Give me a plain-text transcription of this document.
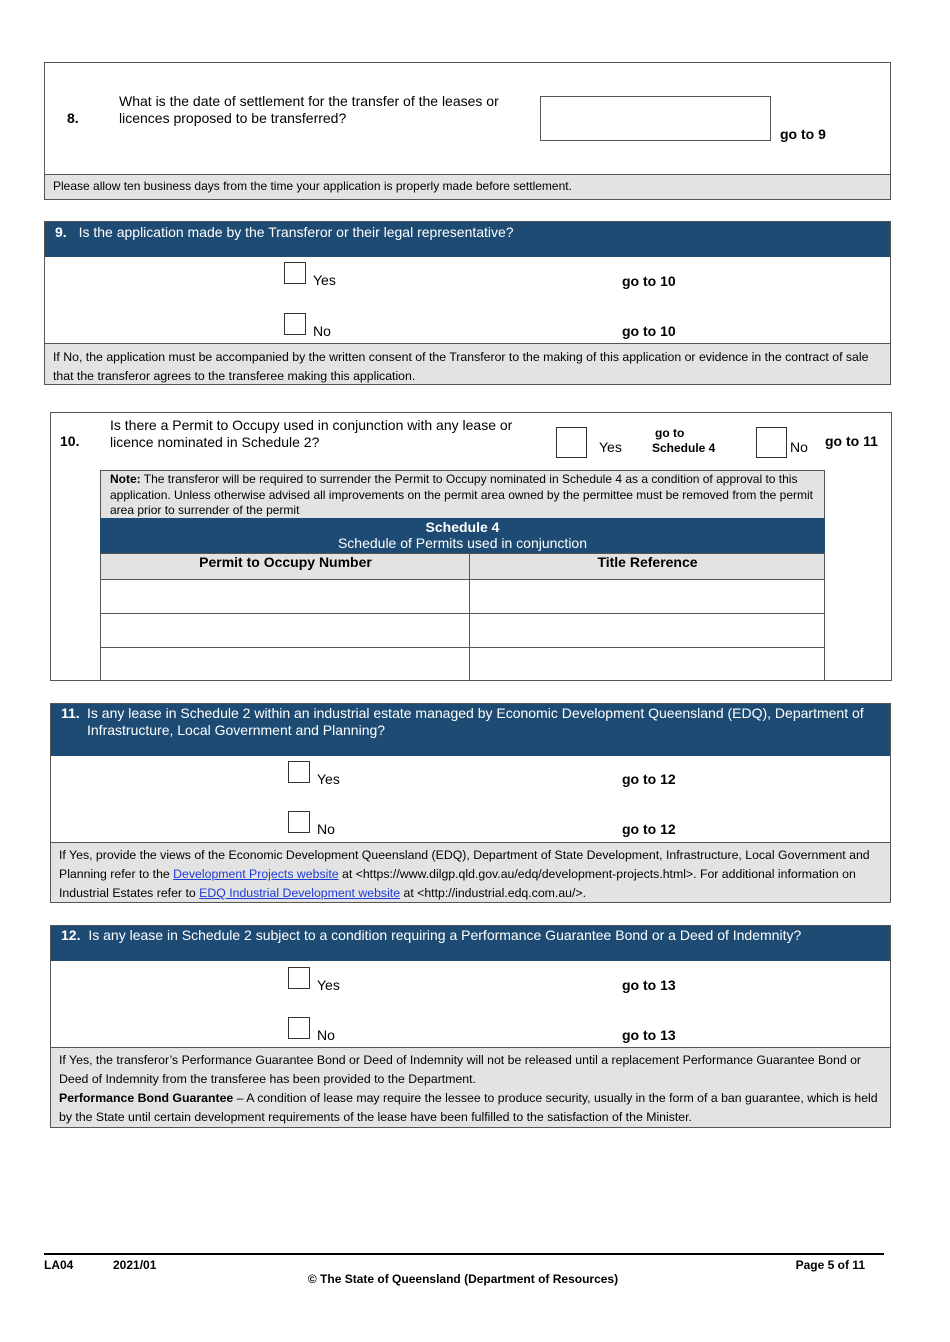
8.
What is the date of settlement for the transfer of the leases or licences proposed to be transferred?
go to 9
Please allow ten business days from the time your application is properly made before settlement.
9. Is the application made by the Transferor or their legal representative?
Yes	go to 10
No	go to 10
If No, the application must be accompanied by the written consent of the Transferor to the making of this application or evidence in the contract of sale that the transferor agrees to the transferee making this application.
10.
Is there a Permit to Occupy used in conjunction with any lease or licence nominated in Schedule 2?	Yes
go to
Schedule 4	No go to 11
Note: The transferor will be required to surrender the Permit to Occupy nominated in Schedule 4 as a condition of approval to this application. Unless otherwise advised all improvements on the permit area owned by the permittee must be removed from the permit area prior to surrender of the permit
Schedule 4
Schedule of Permits used in conjunction
Permit to Occupy Number	Title Reference
11. Is any lease in Schedule 2 within an industrial estate managed by Economic Development Queensland (EDQ), Department of Infrastructure, Local Government and Planning?
Yes	go to 12
No	go to 12
If Yes, provide the views of the Economic Development Queensland (EDQ), Department of State Development, Infrastructure, Local Government and Planning refer to the Development Projects website at <https://www.dilgp.qld.gov.au/edq/development-projects.html>. For additional information on Industrial Estates refer to EDQ Industrial Development website at <http://industrial.edq.com.au/>.
12. Is any lease in Schedule 2 subject to a condition requiring a Performance Guarantee Bond or a Deed of Indemnity?
Yes	go to 13
No	go to 13
If Yes, the transferor’s Performance Guarantee Bond or Deed of Indemnity will not be released until a replacement Performance Guarantee Bond or Deed of Indemnity from the transferee has been provided to the Department.
Performance Bond Guarantee – A condition of lease may require the lessee to produce security, usually in the form of a ban guarantee, which is held by the State until certain development requirements of the lease have been fulfilled to the satisfaction of the Minister.
LA04	2021/01	Page 5 of 11
© The State of Queensland (Department of Resources)
